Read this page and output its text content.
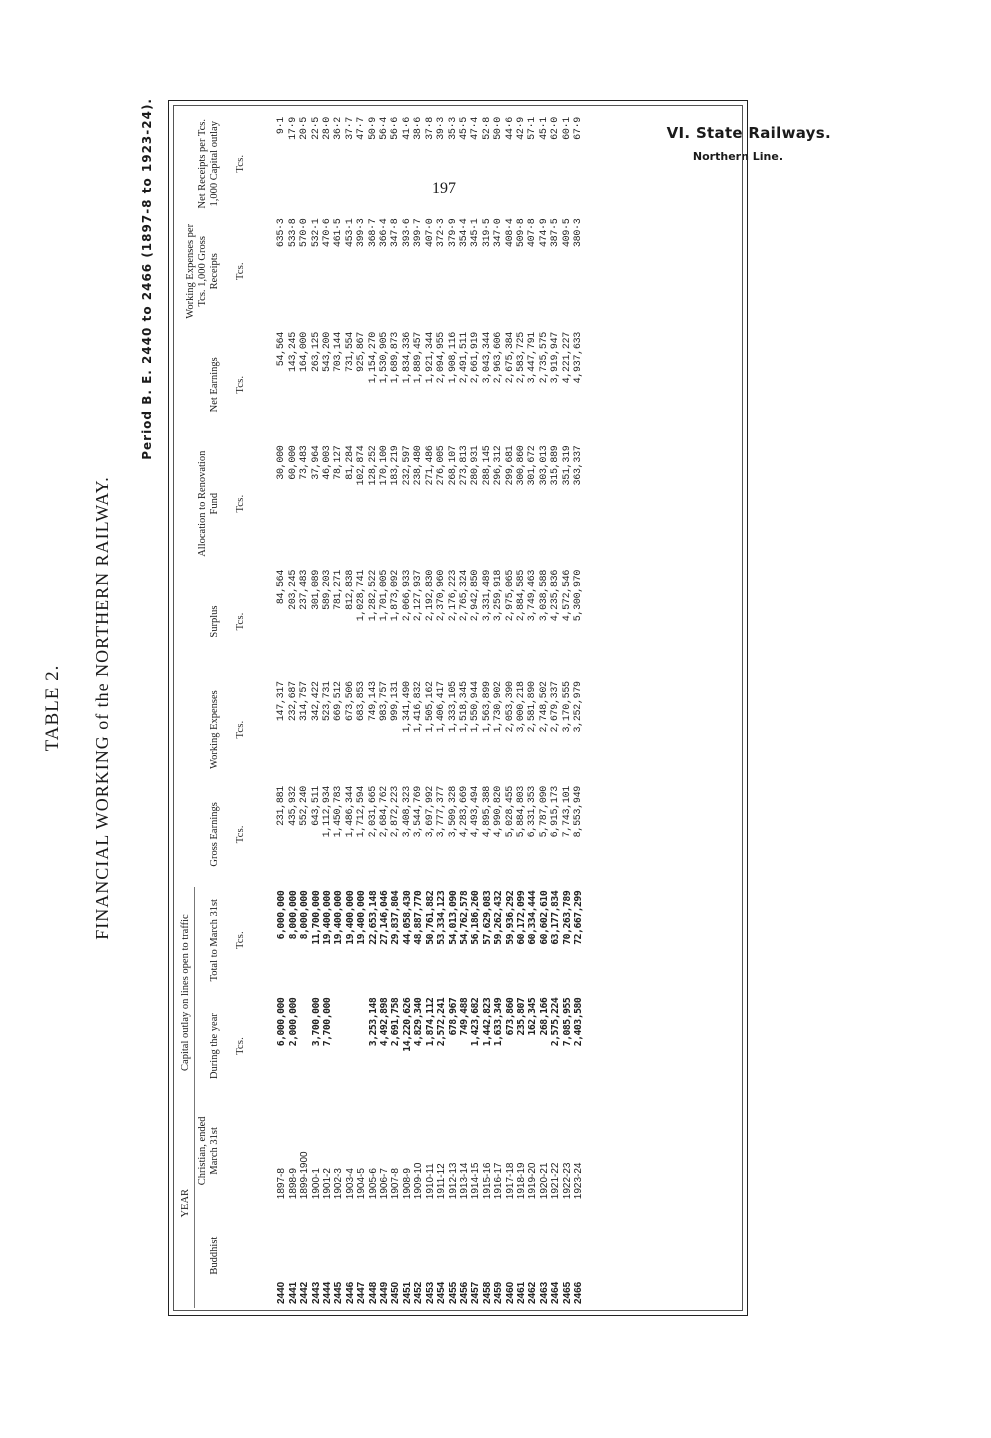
VI. State Railways.
Northern Line.
197
TABLE 2. FINANCIAL WORKING of the NORTHERN RAILWAY.
Period B. E. 2440 to 2466 (1897-8 to 1923-24).
YEAR		Capital outlay on lines open to traffic		Gross Earnings	Working Expenses	Surplus	Allocation to Renovation Fund	Net Earnings	Working Expenses per Tcs. 1,000 Gross Receipts	Net Receipts per Tcs. 1,000 Capital outlay
Buddhist	Christian, ended March 31st	During the year	Total to March 31st							
		Tcs.	Tcs.	Tcs.	Tcs.	Tcs.	Tcs.	Tcs.	Tcs.	Tcs.
2440	1897-8	6,000,000	6,000,000	231,881	147,317	84,564	30,000	54,564	635·3	9·1
2441	1898-9	2,000,000	8,000,000	435,932	232,687	203,245	60,000	143,245	533·8	17·9
2442	1899-1900		8,000,000	552,240	314,757	237,483	73,483	164,000	570·0	20·5
2443	1900-1	3,700,000	11,700,000	643,511	342,422	301,089	37,964	263,125	532·1	22·5
2444	1901-2	7,700,000	19,400,000	1,112,934	523,731	589,203	46,003	543,200	470·6	28·0
2445	1902-3		19,400,000	1,450,783	669,512	781,271	78,127	703,144	461·5	36·2
2446	1903-4		19,400,000	1,486,344	673,506	812,838	81,284	731,554	453·1	37·7
2447	1904-5		19,400,000	1,712,594	683,853	1,028,741	102,874	925,867	399·3	47·7
2448	1905-6	3,253,148	22,653,148	2,031,665	749,143	1,282,522	128,252	1,154,270	368·7	50·9
2449	1906-7	4,492,898	27,146,046	2,684,762	983,757	1,701,005	170,100	1,530,905	366·4	56·4
2450	1907-8	2,691,758	29,837,804	2,872,223	999,131	1,873,092	183,219	1,689,873	347·8	56·6
2451	1908-9	14,220,626	44,058,430	3,408,323	1,341,490	2,066,933	232,597	1,834,336	393·6	41·6
2452	1909-10	4,829,340	48,887,770	3,544,769	1,416,832	2,127,937	238,480	1,889,457	399·7	38·6
2453	1910-11	1,874,112	50,761,882	3,697,992	1,505,162	2,192,830	271,486	1,921,344	407·0	37·8
2454	1911-12	2,572,241	53,334,123	3,777,377	1,406,417	2,370,960	276,005	2,094,955	372·3	39·3
2455	1912-13	678,967	54,013,090	3,509,328	1,333,105	2,176,223	268,107	1,908,116	379·9	35·3
2456	1913-14	749,488	54,762,578	4,283,669	1,518,345	2,765,324	273,813	2,491,511	354·4	45·5
2457	1914-15	1,423,682	56,186,260	4,493,494	1,550,944	2,942,850	280,931	2,661,919	345·1	47·4
2458	1915-16	1,442,823	57,629,083	4,895,388	1,563,899	3,331,489	288,145	3,043,344	319·5	52·8
2459	1916-17	1,633,349	59,262,432	4,990,820	1,730,902	3,259,918	296,312	2,963,606	347·0	50·0
2460	1917-18	673,860	59,936,292	5,028,455	2,053,390	2,975,065	299,681	2,675,384	408·4	44·6
2461	1918-19	235,807	60,172,099	5,884,803	3,000,218	2,884,585	300,860	2,583,725	509·8	42·9
2462	1919-20	162,345	60,334,444	6,331,353	2,581,890	3,749,463	301,672	3,447,791	407·8	57·1
2463	1920-21	268,166	60,602,610	5,787,090	2,748,502	3,038,588	303,013	2,735,575	474·9	45·1
2464	1921-22	2,575,224	63,177,834	6,915,173	2,679,337	4,235,836	315,889	3,919,947	387·5	62·0
2465	1922-23	7,085,955	70,263,789	7,743,101	3,170,555	4,572,546	351,319	4,221,227	409·5	60·1
2466	1923-24	2,403,580	72,667,299	8,553,949	3,252,979	5,300,970	363,337	4,937,633	380·3	67·9
